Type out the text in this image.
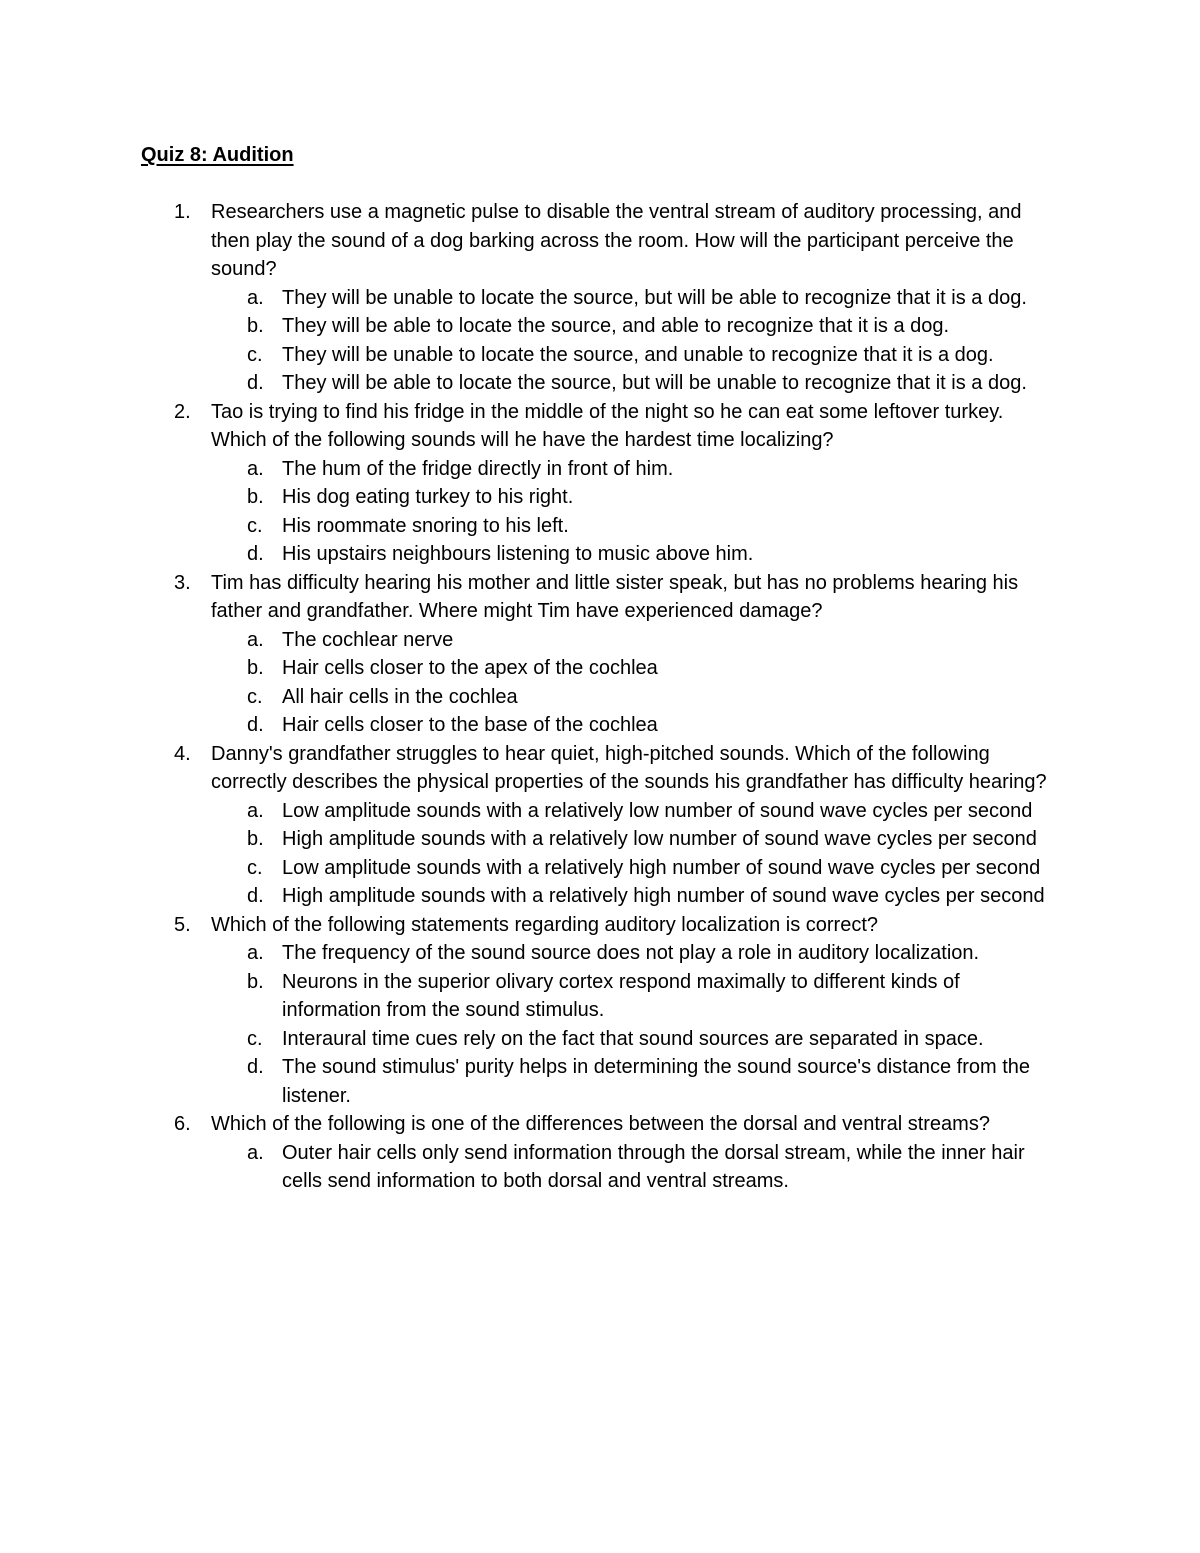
Quiz 8: Audition
1. Researchers use a magnetic pulse to disable the ventral stream of auditory processing, and then play the sound of a dog barking across the room. How will the participant perceive the sound?
a. They will be unable to locate the source, but will be able to recognize that it is a dog.
b. They will be able to locate the source, and able to recognize that it is a dog.
c. They will be unable to locate the source, and unable to recognize that it is a dog.
d. They will be able to locate the source, but will be unable to recognize that it is a dog.
2. Tao is trying to find his fridge in the middle of the night so he can eat some leftover turkey. Which of the following sounds will he have the hardest time localizing?
a. The hum of the fridge directly in front of him.
b. His dog eating turkey to his right.
c. His roommate snoring to his left.
d. His upstairs neighbours listening to music above him.
3. Tim has difficulty hearing his mother and little sister speak, but has no problems hearing his father and grandfather. Where might Tim have experienced damage?
a. The cochlear nerve
b. Hair cells closer to the apex of the cochlea
c. All hair cells in the cochlea
d. Hair cells closer to the base of the cochlea
4. Danny's grandfather struggles to hear quiet, high-pitched sounds. Which of the following correctly describes the physical properties of the sounds his grandfather has difficulty hearing?
a. Low amplitude sounds with a relatively low number of sound wave cycles per second
b. High amplitude sounds with a relatively low number of sound wave cycles per second
c. Low amplitude sounds with a relatively high number of sound wave cycles per second
d. High amplitude sounds with a relatively high number of sound wave cycles per second
5. Which of the following statements regarding auditory localization is correct?
a. The frequency of the sound source does not play a role in auditory localization.
b. Neurons in the superior olivary cortex respond maximally to different kinds of information from the sound stimulus.
c. Interaural time cues rely on the fact that sound sources are separated in space.
d. The sound stimulus' purity helps in determining the sound source's distance from the listener.
6. Which of the following is one of the differences between the dorsal and ventral streams?
a. Outer hair cells only send information through the dorsal stream, while the inner hair cells send information to both dorsal and ventral streams.
